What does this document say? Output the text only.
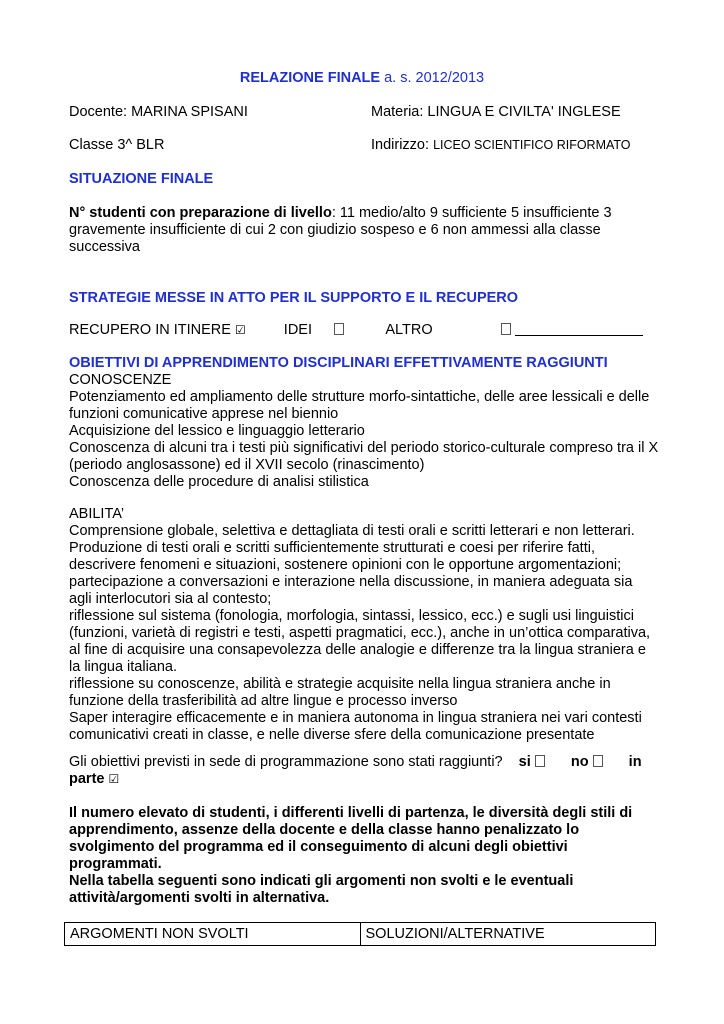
RELAZIONE FINALE a. s. 2012/2013
Docente: MARINA SPISANI	Materia: LINGUA E CIVILTA' INGLESE
Classe 3^ BLR	Indirizzo: LICEO SCIENTIFICO RIFORMATO
SITUAZIONE FINALE
N° studenti con preparazione di livello: 11 medio/alto 9 sufficiente 5 insufficiente 3 gravemente insufficiente di cui 2 con giudizio sospeso e 6 non ammessi alla classe successiva
STRATEGIE MESSE IN ATTO PER IL SUPPORTO E IL RECUPERO
RECUPERO IN ITINERE ☑	IDEI	ALTRO
OBIETTIVI DI APPRENDIMENTO DISCIPLINARI EFFETTIVAMENTE RAGGIUNTI
CONOSCENZE
Potenziamento ed ampliamento delle strutture morfo-sintattiche, delle aree lessicali e delle funzioni comunicative apprese nel biennio
Acquisizione del lessico e linguaggio letterario
Conoscenza di alcuni tra i testi più significativi del periodo storico-culturale compreso tra il X (periodo anglosassone) ed il XVII secolo (rinascimento)
Conoscenza delle procedure di analisi stilistica
ABILITA’
Comprensione globale, selettiva e dettagliata di testi orali e scritti letterari e non letterari.
Produzione di testi orali e scritti sufficientemente strutturati e coesi per riferire fatti, descrivere fenomeni e situazioni, sostenere opinioni con le opportune argomentazioni;
partecipazione a conversazioni e interazione nella discussione, in maniera adeguata sia agli interlocutori sia al contesto;
riflessione sul sistema (fonologia, morfologia, sintassi, lessico, ecc.) e sugli usi linguistici (funzioni, varietà di registri e testi, aspetti pragmatici, ecc.), anche in un’ottica comparativa, al fine di acquisire una consapevolezza delle analogie e differenze tra la lingua straniera e la lingua italiana.
riflessione su conoscenze, abilità e strategie acquisite nella lingua straniera anche in funzione della trasferibilità ad altre lingue e processo inverso
Saper interagire efficacemente e in maniera autonoma in lingua straniera nei vari contesti comunicativi creati in classe, e nelle diverse sfere della comunicazione presentate
Gli obiettivi previsti in sede di programmazione sono stati raggiunti? si	no	in
parte ☑
Il numero elevato di studenti, i differenti livelli di partenza, le diversità degli stili di apprendimento, assenze della docente e della classe hanno penalizzato lo svolgimento del programma ed il conseguimento di alcuni degli obiettivi programmati.
Nella tabella seguenti sono indicati gli argomenti non svolti e le eventuali attività/argomenti svolti in alternativa.
ARGOMENTI NON SVOLTI	SOLUZIONI/ALTERNATIVE
